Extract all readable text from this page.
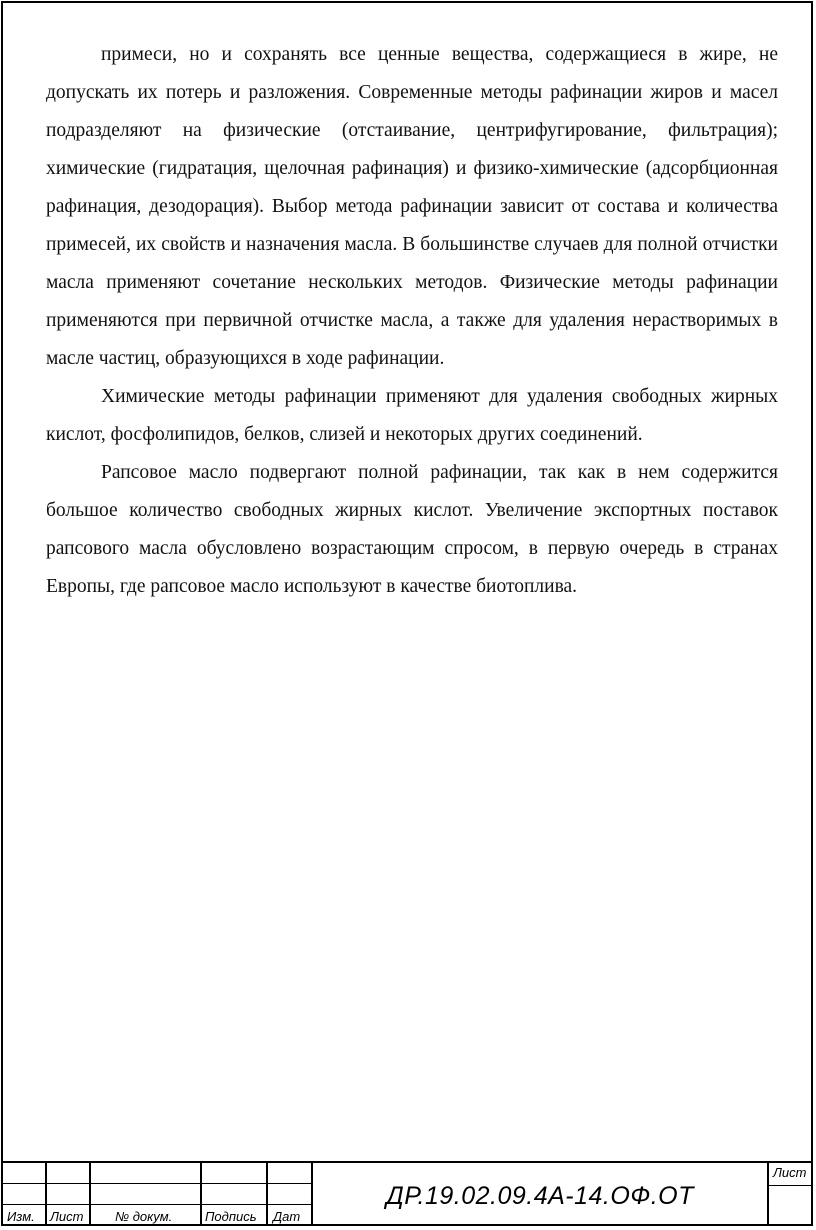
примеси, но и сохранять все ценные вещества, содержащиеся в жире, не допускать их потерь и разложения. Современные методы рафинации жиров и масел подразделяют на физические (отстаивание, центрифугирование, фильтрация); химические (гидратация, щелочная рафинация) и физико-химические (адсорбционная рафинация, дезодорация). Выбор метода рафинации зависит от состава и количества примесей, их свойств и назначения масла. В большинстве случаев для полной отчистки масла применяют сочетание нескольких методов. Физические методы рафинации применяются при первичной отчистке масла, а также для удаления нерастворимых в масле частиц, образующихся в ходе рафинации.

Химические методы рафинации применяют для удаления свободных жирных кислот, фосфолипидов, белков, слизей и некоторых других соединений.

Рапсовое масло подвергают полной рафинации, так как в нем содержится большое количество свободных жирных кислот. Увеличение экспортных поставок рапсового масла обусловлено возрастающим спросом, в первую очередь в странах Европы, где рапсовое масло используют в качестве биотоплива.

Изм. Лист № докум.	Подпись Дат
ДР.19.02.09.4А-14.ОФ.ОТ
Лист
